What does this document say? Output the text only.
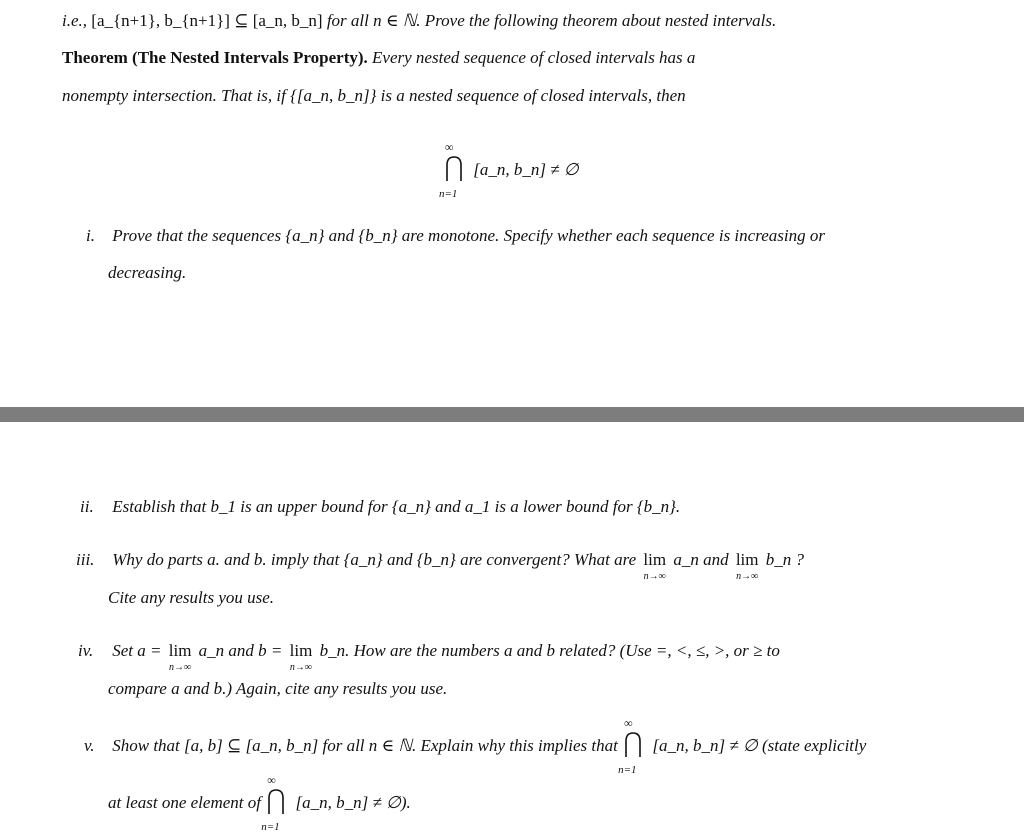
i.e., [a_{n+1}, b_{n+1}] ⊆ [a_n, b_n] for all n ∈ ℕ. Prove the following theorem about nested intervals.
Theorem (The Nested Intervals Property). Every nested sequence of closed intervals has a
nonempty intersection. That is, if {[a_n, b_n]} is a nested sequence of closed intervals, then
∞
n=1
[a_n, b_n] ≠ ∅
i. Prove that the sequences {a_n} and {b_n} are monotone. Specify whether each sequence is increasing or
decreasing.
ii. Establish that b_1 is an upper bound for {a_n} and a_1 is a lower bound for {b_n}.
iii. Why do parts a. and b. imply that {a_n} and {b_n} are convergent? What are lim
n→∞
a_n and lim
n→∞
b_n ?
Cite any results you use.
iv. Set a = lim
n→∞
a_n and b = lim
n→∞
b_n. How are the numbers a and b related? (Use =, <, ≤, >, or ≥ to
compare a and b.) Again, cite any results you use.
v. Show that [a, b] ⊆ [a_n, b_n] for all n ∈ ℕ. Explain why this implies that
∞
n=1
[a_n, b_n] ≠ ∅ (state explicitly
at least one element of
∞
n=1
[a_n, b_n] ≠ ∅).
